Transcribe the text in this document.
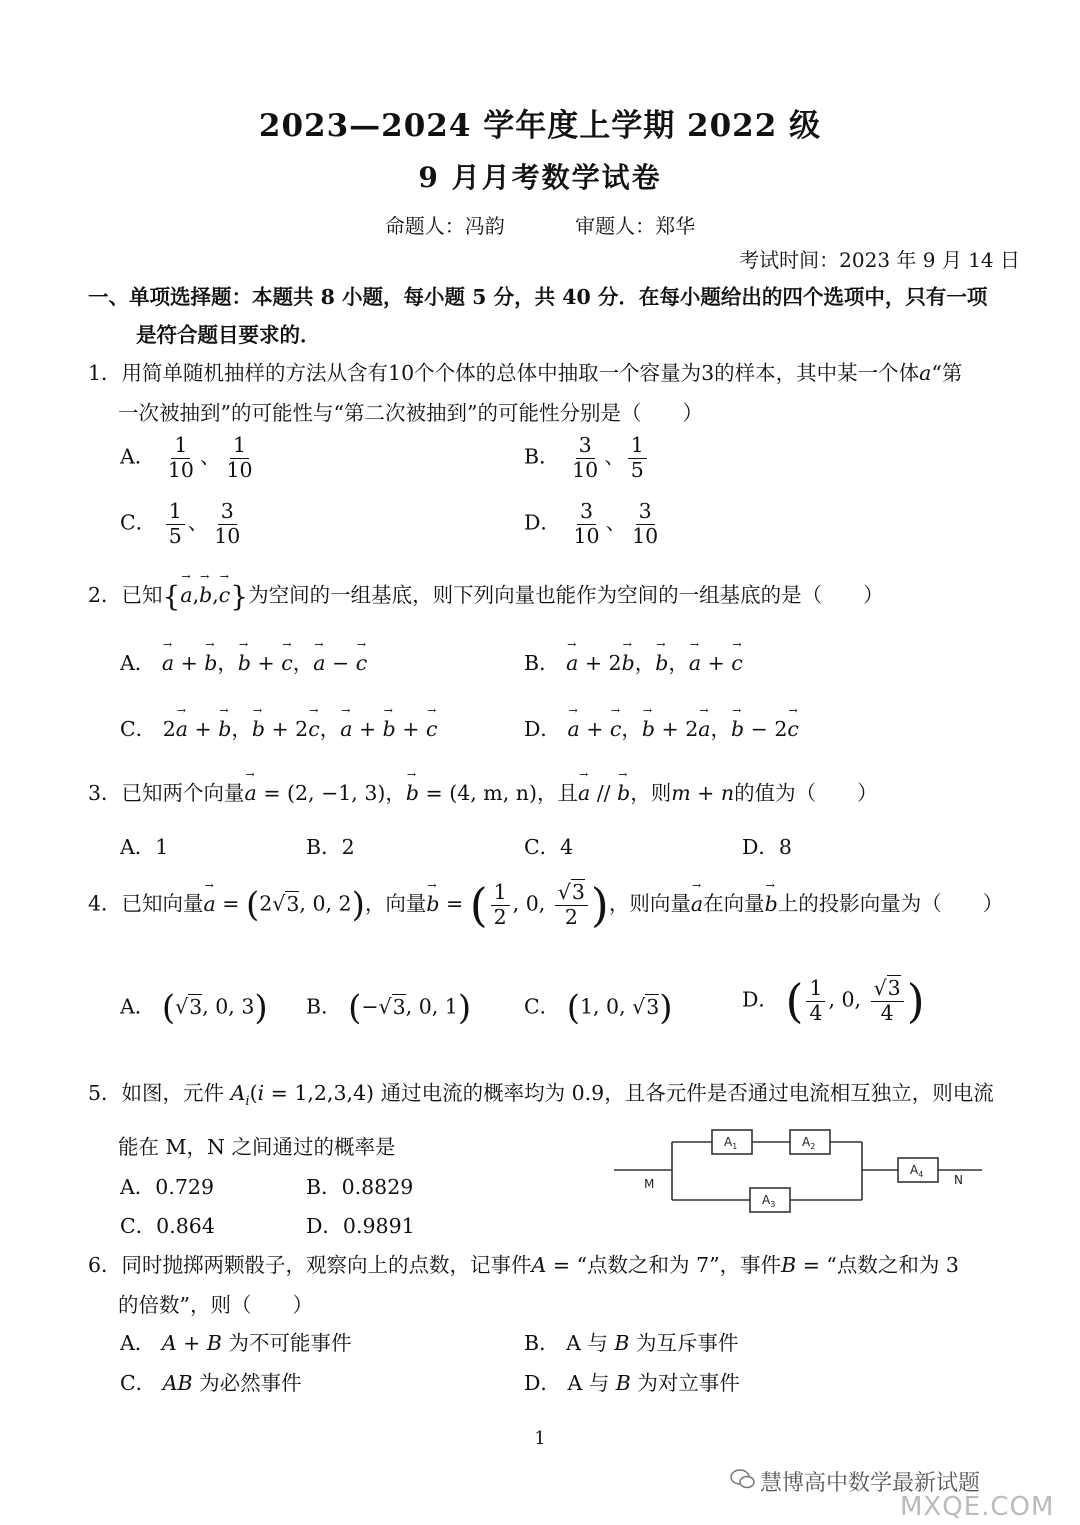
2023—2024 学年度上学期 2022 级
9 月月考数学试卷
命题人：冯韵	审题人：郑华
考试时间：2023 年 9 月 14 日
一、单项选择题：本题共 8 小题，每小题 5 分，共 40 分．在每小题给出的四个选项中，只有一项
是符合题目要求的．
1．用简单随机抽样的方法从含有10个个体的总体中抽取一个容量为3的样本，其中某一个体a“第
一次被抽到”的可能性与“第二次被抽到”的可能性分别是（　　）
A． $\frac{1}{10}$ 、 $\frac{1}{10}$	B． $\frac{3}{10}$ 、 $\frac{1}{5}$
C． $\frac{1}{5}$ 、 $\frac{3}{10}$	D． $\frac{3}{10}$ 、 $\frac{3}{10}$
2．已知{→ a,→ b,→ c}为空间的一组基底，则下列向量也能作为空间的一组基底的是（　　）
A． → a + → b，→ b + → c，→ a − → c	B． → a + 2→ b，→ b，→ a + → c
C． 2→ a + → b，→ b + 2→ c，→ a + → b + → c	D． → a + → c，→ b + 2→ a，→ b − 2→ c
3．已知两个向量→ a = (2, −1, 3)，→ b = (4, m, n)，且→ a // → b，则m + n的值为（　　）
A．1	B．2	C．4	D．8
4．已知向量→ a = (2√3, 0, 2)，向量→ b = ( $\frac{1}{2}$ , 0, $\frac{√3}{2}$ )，则向量→ a在向量→ b上的投影向量为（　　）
A． (√3, 0, 3) B． (−√3, 0, 1)	C． (1, 0, √3)	D． ( $\frac{1}{4}$ , 0, $\frac{√3}{4}$ )
5．如图，元件 $A_i(i = 1,2,3,4)$ 通过电流的概率均为 0.9，且各元件是否通过电流相互独立，则电流
能在 M，N 之间通过的概率是
A．0.729	B．0.8829
C．0.864	D．0.9891
M	N
$A_1$	$A_2$
$A_3$
$A_4$
6．同时抛掷两颗骰子，观察向上的点数，记事件A = “点数之和为 7”，事件B = “点数之和为 3
的倍数”，则（　　）
A． A + B 为不可能事件	B． A 与 B 为互斥事件
C． AB 为必然事件	D． A 与 B 为对立事件
1
慧博高中数学最新试题
MXQE.COM
